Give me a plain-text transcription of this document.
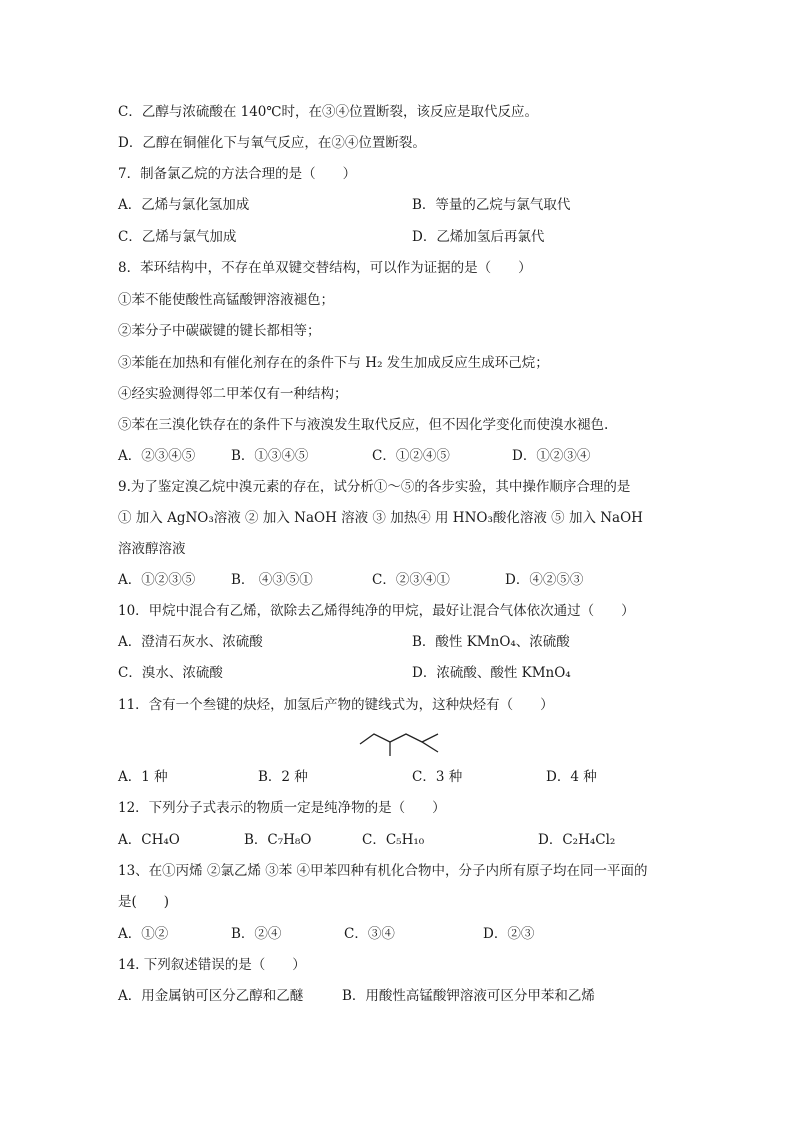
C．乙醇与浓硫酸在 140℃时，在③④位置断裂，该反应是取代反应。
D．乙醇在铜催化下与氧气反应，在②④位置断裂。
7．制备氯乙烷的方法合理的是（　　）
A．乙烯与氯化氢加成	B．等量的乙烷与氯气取代
C．乙烯与氯气加成	D．乙烯加氢后再氯代
8．苯环结构中，不存在单双键交替结构，可以作为证据的是（　　）
①苯不能使酸性高锰酸钾溶液褪色；
②苯分子中碳碳键的键长都相等；
③苯能在加热和有催化剂存在的条件下与 H₂ 发生加成反应生成环己烷；
④经实验测得邻二甲苯仅有一种结构；
⑤苯在三溴化铁存在的条件下与液溴发生取代反应，但不因化学变化而使溴水褪色.
A．②③④⑤	B．①③④⑤	C．①②④⑤	D．①②③④
9.为了鉴定溴乙烷中溴元素的存在，试分析①～⑤的各步实验，其中操作顺序合理的是
① 加入 AgNO₃溶液 ② 加入 NaOH 溶液 ③ 加热④ 用 HNO₃酸化溶液 ⑤ 加入 NaOH
溶液醇溶液
A．①②③⑤	B． ④③⑤①	C．②③④①	D．④②⑤③
10．甲烷中混合有乙烯，欲除去乙烯得纯净的甲烷，最好让混合气体依次通过（　　）
A．澄清石灰水、浓硫酸	B．酸性 KMnO₄、浓硫酸
C．溴水、浓硫酸	D．浓硫酸、酸性 KMnO₄
11．含有一个叁键的炔烃，加氢后产物的键线式为，这种炔烃有（　　）
A．1 种	B．2 种	C．3 种	D．4 种
12．下列分子式表示的物质一定是纯净物的是（　　）
A．CH₄O	B．C₇H₈O	C．C₅H₁₀	D．C₂H₄Cl₂
13、在①丙烯 ②氯乙烯 ③苯 ④甲苯四种有机化合物中，分子内所有原子均在同一平面的
是(　　)
A．①②	B．②④	C．③④	D．②③
14. 下列叙述错误的是（　　）
A．用金属钠可区分乙醇和乙醚	B．用酸性高锰酸钾溶液可区分甲苯和乙烯
